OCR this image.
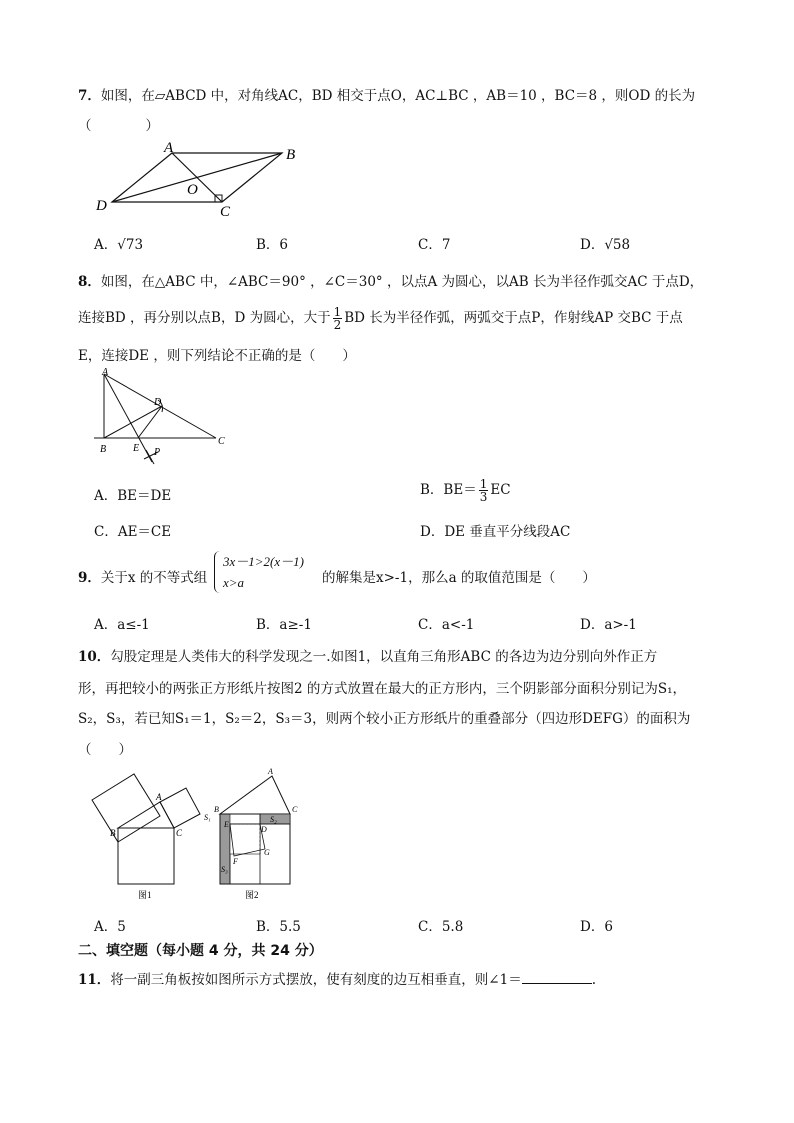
7．如图，在▱ABCD 中，对角线AC，BD 相交于点O，AC⊥BC ，AB＝10 ，BC＝8 ，则OD 的长为
（　　　　）
A	B
C
D
O
A．√73	B．6	C．7	D．√58
8．如图，在△ABC 中，∠ABC＝90° ，∠C＝30° ，以点A 为圆心，以AB 长为半径作弧交AC 于点D，
连接BD ，再分别以点B，D 为圆心，大于 $\frac{1}{2}$ BD 长为半径作弧，两弧交于点P，作射线AP 交BC 于点
E，连接DE ，则下列结论不正确的是（　　）
A
B
C
D
E P
A．BE＝DE	B．$BE= \frac{1}{3}$ EC
C．AE＝CE	D．DE 垂直平分线段AC
9．关于x 的不等式组
3x－1>2(x－1)
x>a	的解集是x>-1，那么a 的取值范围是（　　）
A．a≤-1	B．a≥-1	C．a<-1	D．a>-1
10．勾股定理是人类伟大的科学发现之一.如图1，以直角三角形ABC 的各边为边分别向外作正方
形，再把较小的两张正方形纸片按图2 的方式放置在最大的正方形内，三个阴影部分面积分别记为S₁，
S₂，S₃，若已知S₁＝1，S₂＝2，S₃＝3，则两个较小正方形纸片的重叠部分（四边形DEFG）的面积为
（　　）
A
B	C
图1
A
B	C
D
E
F
G
S₁	S₂
S₃
图2
A．5	B．5.5	C．5.8	D．6
二、填空题（每小题 4 分，共 24 分）
11．将一副三角板按如图所示方式摆放，使有刻度的边互相垂直，则∠1＝	.
